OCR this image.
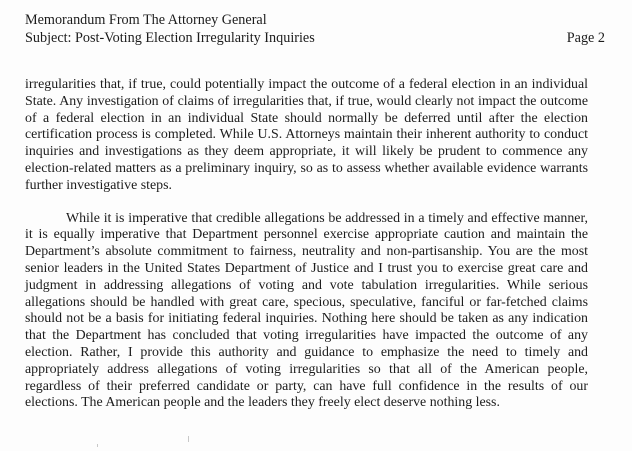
Memorandum From The Attorney General
Subject: Post-Voting Election Irregularity Inquiries	Page 2

irregularities that, if true, could potentially impact the outcome of a federal election in an individual State. Any investigation of claims of irregularities that, if true, would clearly not impact the outcome of a federal election in an individual State should normally be deferred until after the election certification process is completed. While U.S. Attorneys maintain their inherent authority to conduct inquiries and investigations as they deem appropriate, it will likely be prudent to commence any election-related matters as a preliminary inquiry, so as to assess whether available evidence warrants further investigative steps.

While it is imperative that credible allegations be addressed in a timely and effective manner, it is equally imperative that Department personnel exercise appropriate caution and maintain the Department’s absolute commitment to fairness, neutrality and non-partisanship. You are the most senior leaders in the United States Department of Justice and I trust you to exercise great care and judgment in addressing allegations of voting and vote tabulation irregularities. While serious allegations should be handled with great care, specious, speculative, fanciful or far-fetched claims should not be a basis for initiating federal inquiries. Nothing here should be taken as any indication that the Department has concluded that voting irregularities have impacted the outcome of any election. Rather, I provide this authority and guidance to emphasize the need to timely and appropriately address allegations of voting irregularities so that all of the American people, regardless of their preferred candidate or party, can have full confidence in the results of our elections. The American people and the leaders they freely elect deserve nothing less.
